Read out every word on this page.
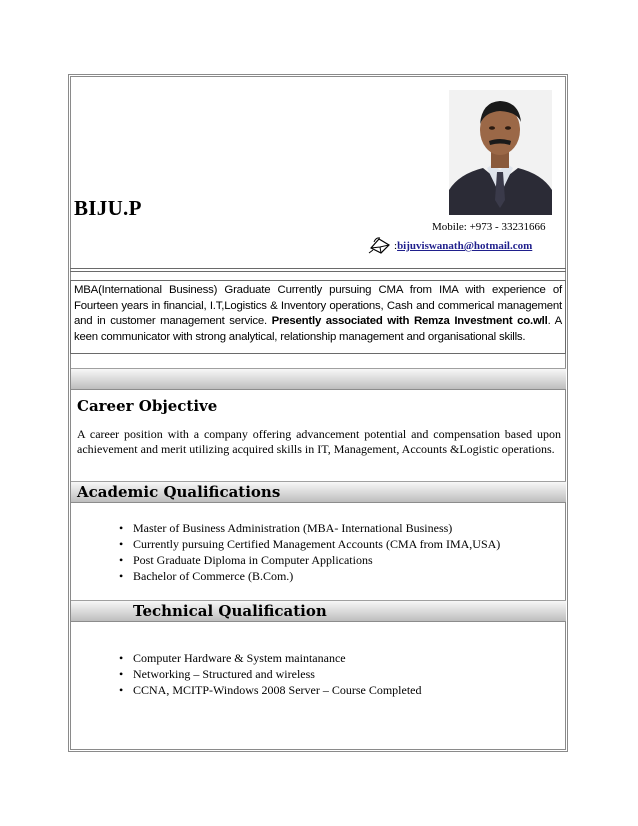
BIJU.P
Mobile: +973 - 33231666
: bijuviswanath@hotmail.com
MBA(International Business) Graduate Currently pursuing CMA from IMA with experience of Fourteen years in financial, I.T,Logistics & Inventory operations, Cash and commerical management and in customer management service. Presently associated with Remza Investment co.wll. A keen communicator with strong analytical, relationship management and organisational skills.
Career Objective
A career position with a company offering advancement potential and compensation based upon achievement and merit utilizing acquired skills in IT, Management, Accounts &Logistic operations.
Academic Qualifications
• Master of Business Administration (MBA- International Business)
• Currently pursuing Certified Management Accounts (CMA from IMA,USA)
• Post Graduate Diploma in Computer Applications
• Bachelor of Commerce (B.Com.)
Technical Qualification
• Computer Hardware & System maintanance
• Networking – Structured and wireless
• CCNA, MCITP-Windows 2008 Server – Course Completed
